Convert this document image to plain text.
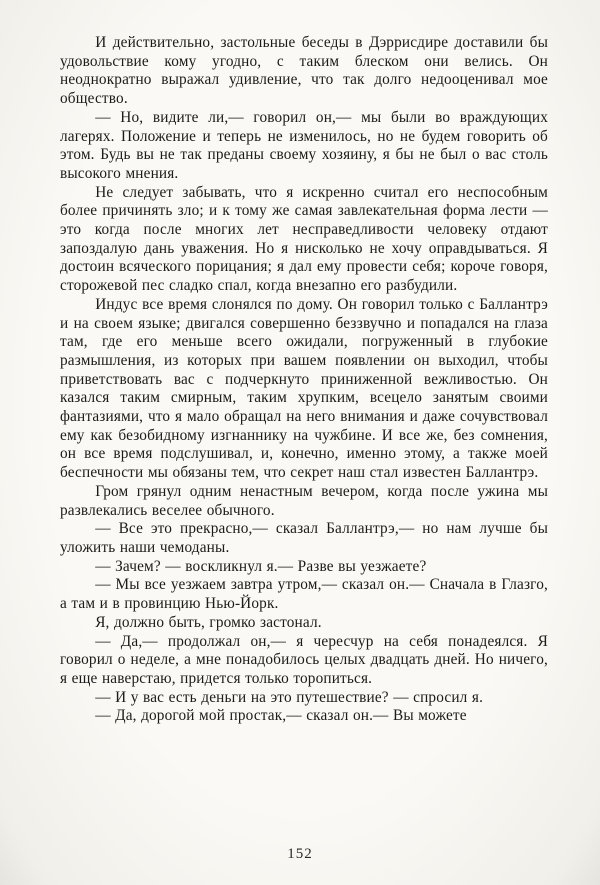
И действительно, застольные беседы в Дэррисдире доставили бы удовольствие кому угодно, с таким блеском они велись. Он неоднократно выражал удивление, что так долго недооценивал мое общество.

— Но, видите ли,— говорил он,— мы были во враждующих лагерях. Положение и теперь не изменилось, но не будем говорить об этом. Будь вы не так преданы своему хозяину, я бы не был о вас столь высокого мнения.

Не следует забывать, что я искренно считал его неспособным более причинять зло; и к тому же самая завлекательная форма лести — это когда после многих лет несправедливости человеку отдают запоздалую дань уважения. Но я нисколько не хочу оправдываться. Я достоин всяческого порицания; я дал ему провести себя; короче говоря, сторожевой пес сладко спал, когда внезапно его разбудили.

Индус все время слонялся по дому. Он говорил только с Баллантрэ и на своем языке; двигался совершенно беззвучно и попадался на глаза там, где его меньше всего ожидали, погруженный в глубокие размышления, из которых при вашем появлении он выходил, чтобы приветствовать вас с подчеркнуто приниженной вежливостью. Он казался таким смирным, таким хрупким, всецело занятым своими фантазиями, что я мало обращал на него внимания и даже сочувствовал ему как безобидному изгнаннику на чужбине. И все же, без сомнения, он все время подслушивал, и, конечно, именно этому, а также моей беспечности мы обязаны тем, что секрет наш стал известен Баллантрэ.

Гром грянул одним ненастным вечером, когда после ужина мы развлекались веселее обычного.

— Все это прекрасно,— сказал Баллантрэ,— но нам лучше бы уложить наши чемоданы.

— Зачем? — воскликнул я.— Разве вы уезжаете?

— Мы все уезжаем завтра утром,— сказал он.— Сначала в Глазго, а там и в провинцию Нью-Йорк.

Я, должно быть, громко застонал.

— Да,— продолжал он,— я чересчур на себя понадеялся. Я говорил о неделе, а мне понадобилось целых двадцать дней. Но ничего, я еще наверстаю, придется только торопиться.

— И у вас есть деньги на это путешествие? — спросил я.

— Да, дорогой мой простак,— сказал он.— Вы можете

152
